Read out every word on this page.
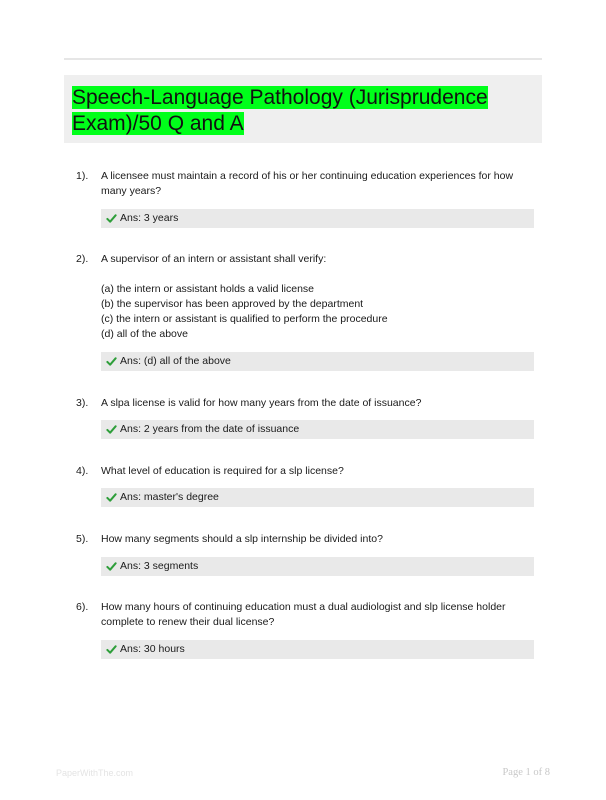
Speech-Language Pathology (Jurisprudence Exam)/50 Q and A
1). A licensee must maintain a record of his or her continuing education experiences for how many years?
Ans: 3 years
2). A supervisor of an intern or assistant shall verify:
(a) the intern or assistant holds a valid license
(b) the supervisor has been approved by the department
(c) the intern or assistant is qualified to perform the procedure
(d) all of the above
Ans: (d) all of the above
3). A slpa license is valid for how many years from the date of issuance?
Ans: 2 years from the date of issuance
4). What level of education is required for a slp license?
Ans: master's degree
5). How many segments should a slp internship be divided into?
Ans: 3 segments
6). How many hours of continuing education must a dual audiologist and slp license holder complete to renew their dual license?
Ans: 30 hours
PaperWithThe.com	Page 1 of 8
